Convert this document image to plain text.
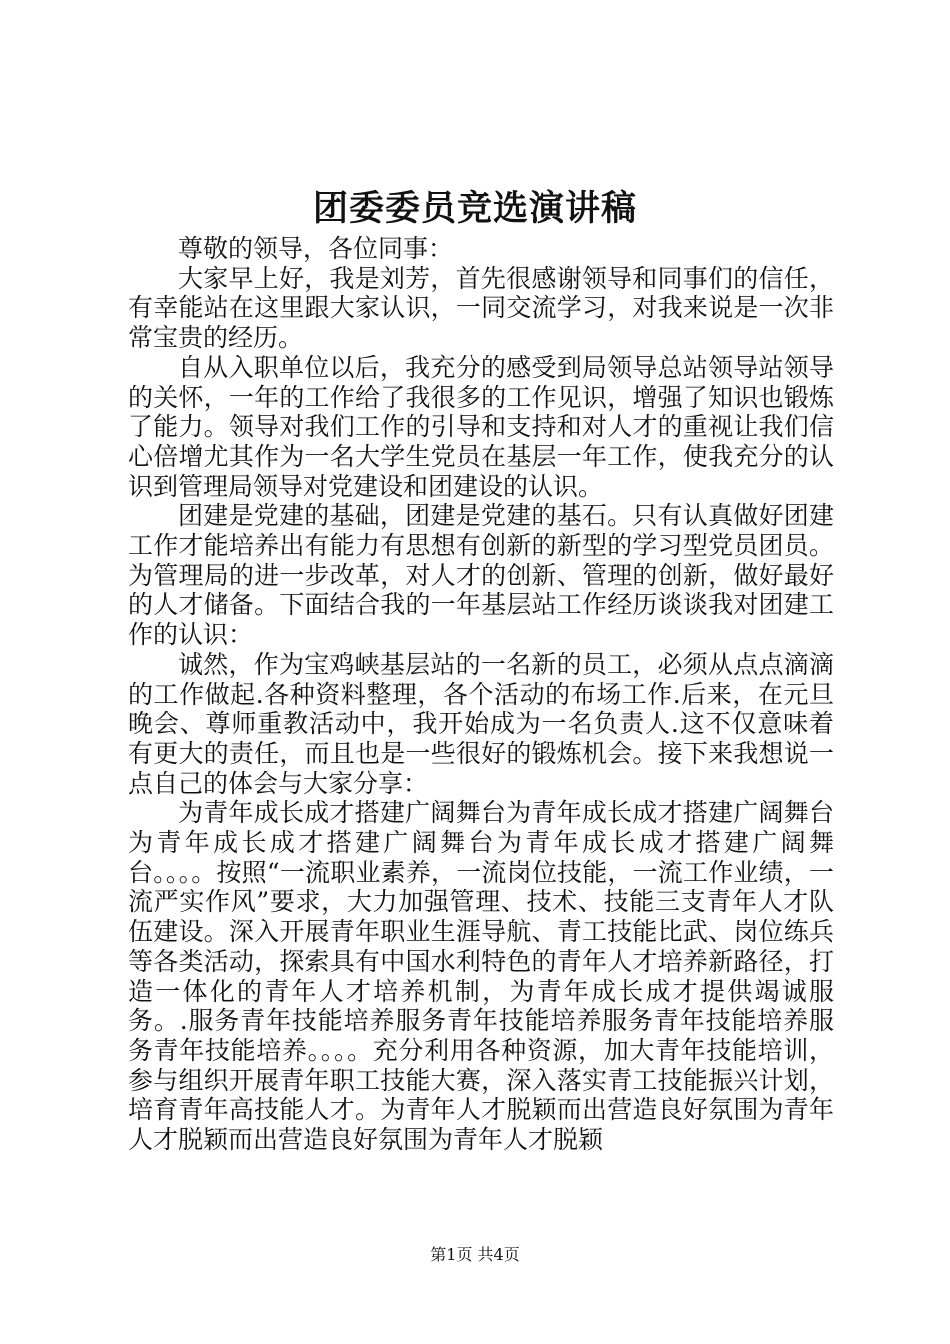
团委委员竞选演讲稿

尊敬的领导，各位同事：

大家早上好，我是刘芳，首先很感谢领导和同事们的信任，有幸能站在这里跟大家认识，一同交流学习，对我来说是一次非常宝贵的经历。

自从入职单位以后，我充分的感受到局领导总站领导站领导的关怀，一年的工作给了我很多的工作见识，增强了知识也锻炼了能力。领导对我们工作的引导和支持和对人才的重视让我们信心倍增尤其作为一名大学生党员在基层一年工作，使我充分的认识到管理局领导对党建设和团建设的认识。

团建是党建的基础，团建是党建的基石。只有认真做好团建工作才能培养出有能力有思想有创新的新型的学习型党员团员。为管理局的进一步改革，对人才的创新、管理的创新，做好最好的人才储备。下面结合我的一年基层站工作经历谈谈我对团建工作的认识：

诚然，作为宝鸡峡基层站的一名新的员工，必须从点点滴滴的工作做起.各种资料整理，各个活动的布场工作.后来，在元旦晚会、尊师重教活动中，我开始成为一名负责人.这不仅意味着有更大的责任，而且也是一些很好的锻炼机会。接下来我想说一点自己的体会与大家分享：

为青年成长成才搭建广阔舞台为青年成长成才搭建广阔舞台为青年成长成才搭建广阔舞台为青年成长成才搭建广阔舞台。。。。按照“一流职业素养，一流岗位技能，一流工作业绩，一流严实作风”要求，大力加强管理、技术、技能三支青年人才队伍建设。深入开展青年职业生涯导航、青工技能比武、岗位练兵等各类活动，探索具有中国水利特色的青年人才培养新路径，打造一体化的青年人才培养机制，为青年成长成才提供竭诚服务。.服务青年技能培养服务青年技能培养服务青年技能培养服务青年技能培养。。。。充分利用各种资源，加大青年技能培训，参与组织开展青年职工技能大赛，深入落实青工技能振兴计划，培育青年高技能人才。为青年人才脱颖而出营造良好氛围为青年人才脱颖而出营造良好氛围为青年人才脱颖

第1页 共4页
